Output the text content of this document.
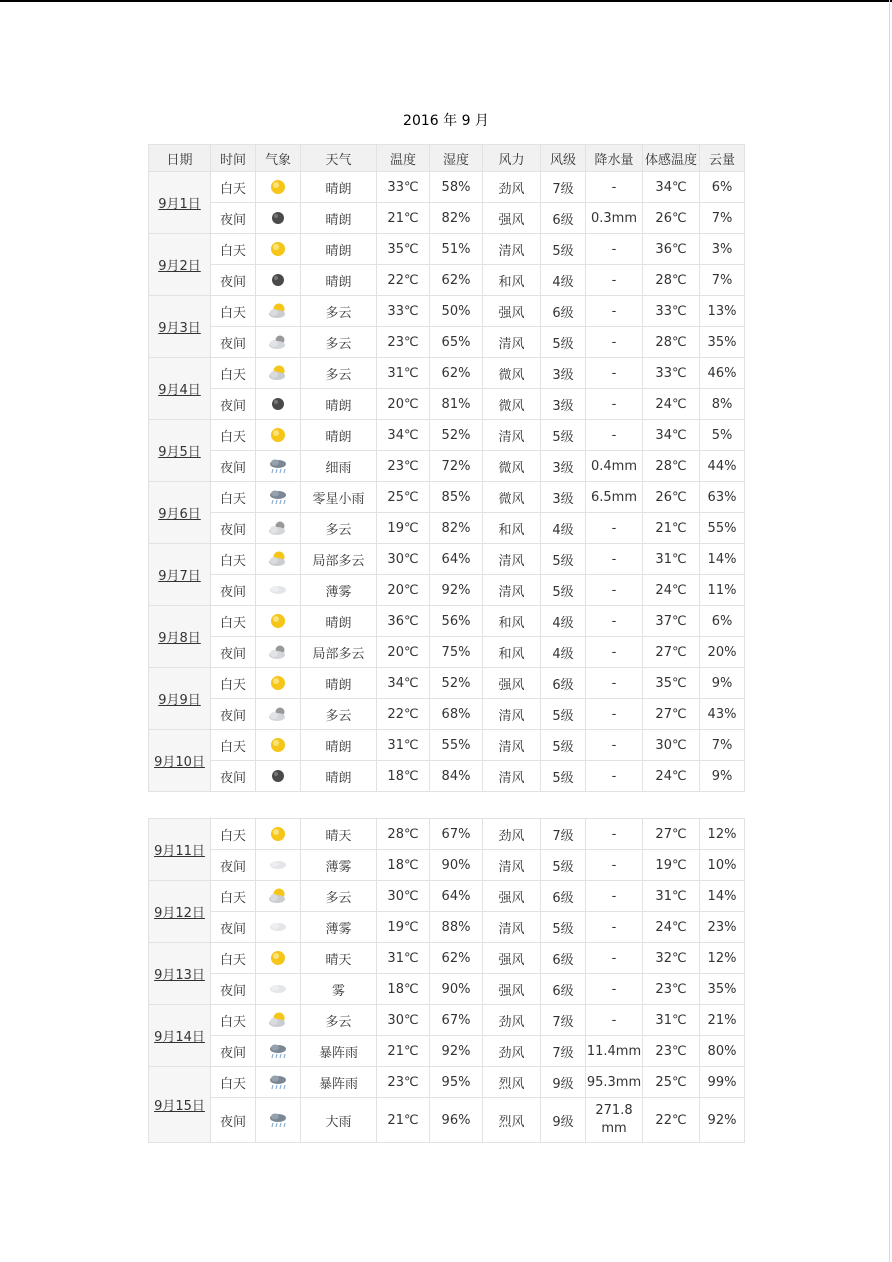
2016 年 9 月
日期	时间	气象	天气	温度	湿度	风力	风级	降水量	体感温度	云量
9月1日	白天		晴朗	33℃	58%	劲风	7级	-	34℃	6%
	夜间		晴朗	21℃	82%	强风	6级	0.3mm	26℃	7%
9月2日	白天		晴朗	35℃	51%	清风	5级	-	36℃	3%
	夜间		晴朗	22℃	62%	和风	4级	-	28℃	7%
9月3日	白天		多云	33℃	50%	强风	6级	-	33℃	13%
	夜间		多云	23℃	65%	清风	5级	-	28℃	35%
9月4日	白天		多云	31℃	62%	微风	3级	-	33℃	46%
	夜间		晴朗	20℃	81%	微风	3级	-	24℃	8%
9月5日	白天		晴朗	34℃	52%	清风	5级	-	34℃	5%
	夜间		细雨	23℃	72%	微风	3级	0.4mm	28℃	44%
9月6日	白天		零星小雨	25℃	85%	微风	3级	6.5mm	26℃	63%
	夜间		多云	19℃	82%	和风	4级	-	21℃	55%
9月7日	白天		局部多云	30℃	64%	清风	5级	-	31℃	14%
	夜间		薄雾	20℃	92%	清风	5级	-	24℃	11%
9月8日	白天		晴朗	36℃	56%	和风	4级	-	37℃	6%
	夜间		局部多云	20℃	75%	和风	4级	-	27℃	20%
9月9日	白天		晴朗	34℃	52%	强风	6级	-	35℃	9%
	夜间		多云	22℃	68%	清风	5级	-	27℃	43%
9月10日	白天		晴朗	31℃	55%	清风	5级	-	30℃	7%
	夜间		晴朗	18℃	84%	清风	5级	-	24℃	9%
9月11日	白天		晴天	28℃	67%	劲风	7级	-	27℃	12%
	夜间		薄雾	18℃	90%	清风	5级	-	19℃	10%
9月12日	白天		多云	30℃	64%	强风	6级	-	31℃	14%
	夜间		薄雾	19℃	88%	清风	5级	-	24℃	23%
9月13日	白天		晴天	31℃	62%	强风	6级	-	32℃	12%
	夜间		雾	18℃	90%	强风	6级	-	23℃	35%
9月14日	白天		多云	30℃	67%	劲风	7级	-	31℃	21%
	夜间		暴阵雨	21℃	92%	劲风	7级	11.4mm	23℃	80%
9月15日	白天		暴阵雨	23℃	95%	烈风	9级	95.3mm	25℃	99%
	夜间		大雨	21℃	96%	烈风	9级	271.8mm	22℃	92%
